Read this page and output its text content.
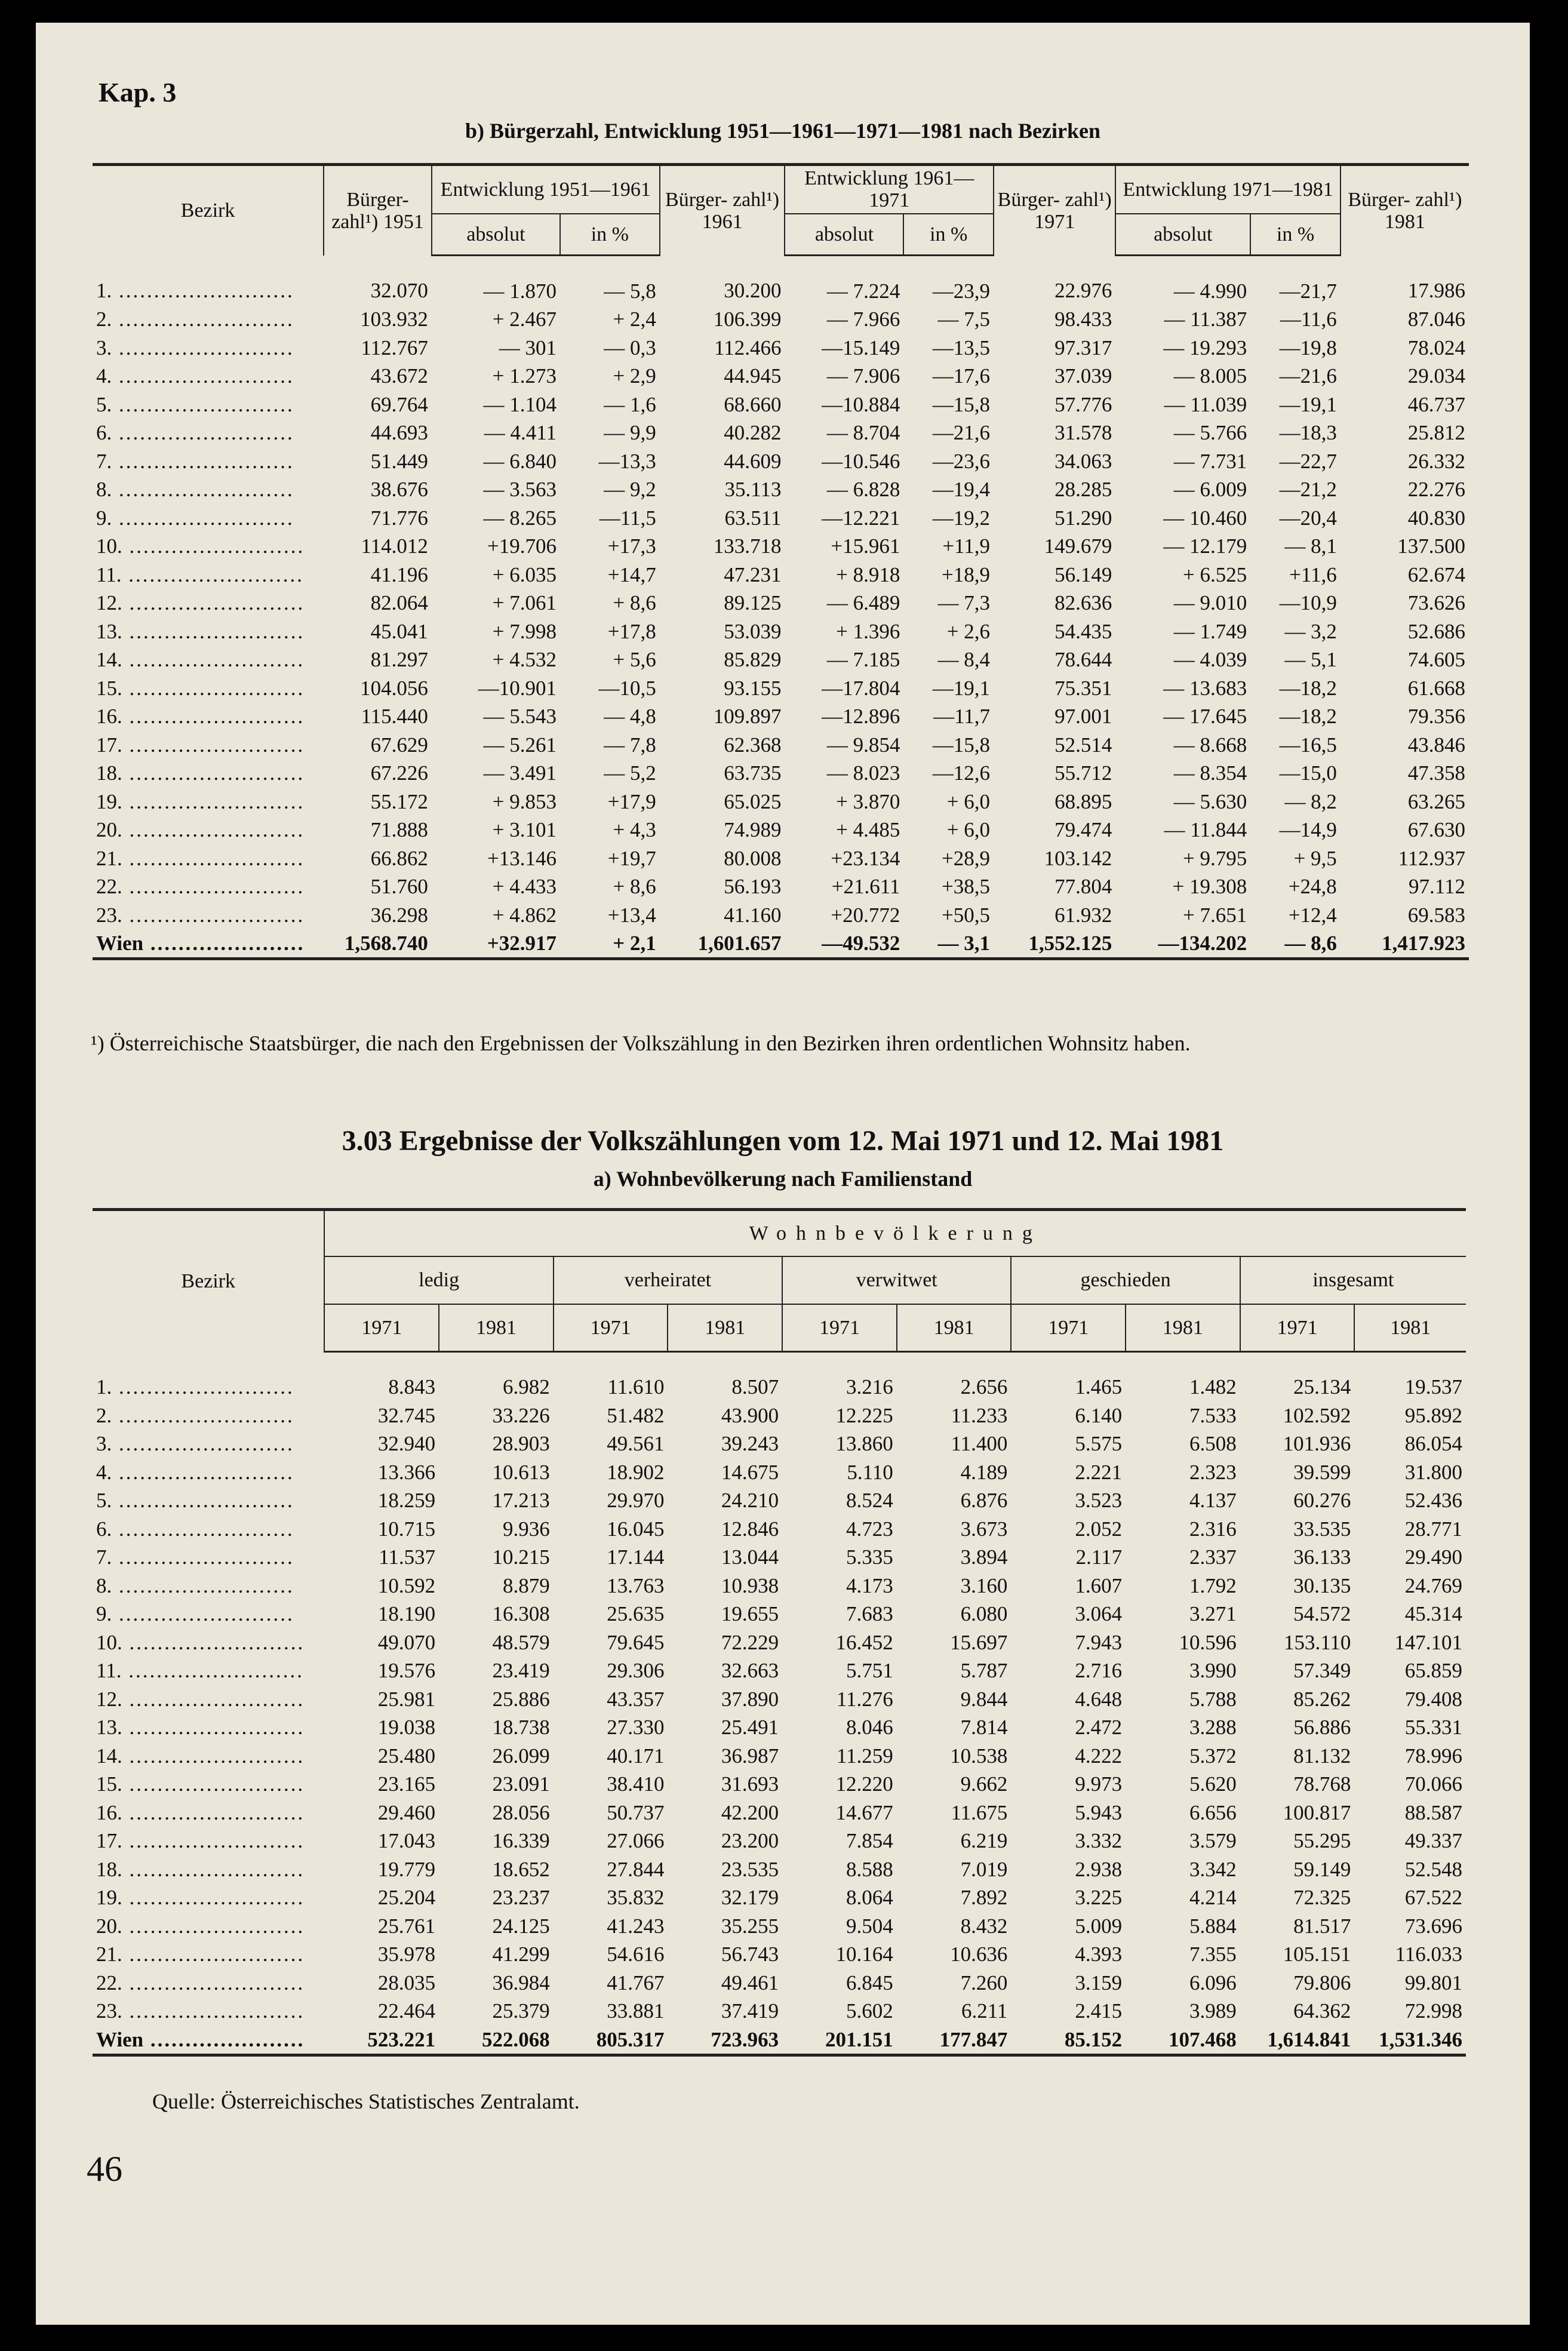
Kap. 3
b) Bürgerzahl, Entwicklung 1951—1961—1971—1981 nach Bezirken
Bezirk	Bürger- zahl¹) 1951	Entwicklung 1951—1961		Bürger- zahl¹) 1961	Entwicklung 1961—1971		Bürger- zahl¹) 1971	Entwicklung 1971—1981		Bürger- zahl¹) 1981
		absolut	in %		absolut	in %		absolut	in %	
1. .........................	32.070	— 1.870	— 5,8	30.200	— 7.224	—23,9	22.976	— 4.990	—21,7	17.986
2. .........................	103.932	+ 2.467	+ 2,4	106.399	— 7.966	— 7,5	98.433	— 11.387	—11,6	87.046
3. .........................	112.767	— 301	— 0,3	112.466	—15.149	—13,5	97.317	— 19.293	—19,8	78.024
4. .........................	43.672	+ 1.273	+ 2,9	44.945	— 7.906	—17,6	37.039	— 8.005	—21,6	29.034
5. .........................	69.764	— 1.104	— 1,6	68.660	—10.884	—15,8	57.776	— 11.039	—19,1	46.737
6. .........................	44.693	— 4.411	— 9,9	40.282	— 8.704	—21,6	31.578	— 5.766	—18,3	25.812
7. .........................	51.449	— 6.840	—13,3	44.609	—10.546	—23,6	34.063	— 7.731	—22,7	26.332
8. .........................	38.676	— 3.563	— 9,2	35.113	— 6.828	—19,4	28.285	— 6.009	—21,2	22.276
9. .........................	71.776	— 8.265	—11,5	63.511	—12.221	—19,2	51.290	— 10.460	—20,4	40.830
10. .........................	114.012	+19.706	+17,3	133.718	+15.961	+11,9	149.679	— 12.179	— 8,1	137.500
11. .........................	41.196	+ 6.035	+14,7	47.231	+ 8.918	+18,9	56.149	+ 6.525	+11,6	62.674
12. .........................	82.064	+ 7.061	+ 8,6	89.125	— 6.489	— 7,3	82.636	— 9.010	—10,9	73.626
13. .........................	45.041	+ 7.998	+17,8	53.039	+ 1.396	+ 2,6	54.435	— 1.749	— 3,2	52.686
14. .........................	81.297	+ 4.532	+ 5,6	85.829	— 7.185	— 8,4	78.644	— 4.039	— 5,1	74.605
15. .........................	104.056	—10.901	—10,5	93.155	—17.804	—19,1	75.351	— 13.683	—18,2	61.668
16. .........................	115.440	— 5.543	— 4,8	109.897	—12.896	—11,7	97.001	— 17.645	—18,2	79.356
17. .........................	67.629	— 5.261	— 7,8	62.368	— 9.854	—15,8	52.514	— 8.668	—16,5	43.846
18. .........................	67.226	— 3.491	— 5,2	63.735	— 8.023	—12,6	55.712	— 8.354	—15,0	47.358
19. .........................	55.172	+ 9.853	+17,9	65.025	+ 3.870	+ 6,0	68.895	— 5.630	— 8,2	63.265
20. .........................	71.888	+ 3.101	+ 4,3	74.989	+ 4.485	+ 6,0	79.474	— 11.844	—14,9	67.630
21. .........................	66.862	+13.146	+19,7	80.008	+23.134	+28,9	103.142	+ 9.795	+ 9,5	112.937
22. .........................	51.760	+ 4.433	+ 8,6	56.193	+21.611	+38,5	77.804	+ 19.308	+24,8	97.112
23. .........................	36.298	+ 4.862	+13,4	41.160	+20.772	+50,5	61.932	+ 7.651	+12,4	69.583
Wien ......................	1,568.740	+32.917	+ 2,1	1,601.657	—49.532	— 3,1	1,552.125	—134.202	— 8,6	1,417.923
¹) Österreichische Staatsbürger, die nach den Ergebnissen der Volkszählung in den Bezirken ihren ordentlichen Wohnsitz haben.
3.03 Ergebnisse der Volkszählungen vom 12. Mai 1971 und 12. Mai 1981
a) Wohnbevölkerung nach Familienstand
Bezirk	Wohnbevölkerung									
	ledig		verheiratet		verwitwet		geschieden		insgesamt	
	1971	1981	1971	1981	1971	1981	1971	1981	1971	1981
1. .........................	8.843	6.982	11.610	8.507	3.216	2.656	1.465	1.482	25.134	19.537
2. .........................	32.745	33.226	51.482	43.900	12.225	11.233	6.140	7.533	102.592	95.892
3. .........................	32.940	28.903	49.561	39.243	13.860	11.400	5.575	6.508	101.936	86.054
4. .........................	13.366	10.613	18.902	14.675	5.110	4.189	2.221	2.323	39.599	31.800
5. .........................	18.259	17.213	29.970	24.210	8.524	6.876	3.523	4.137	60.276	52.436
6. .........................	10.715	9.936	16.045	12.846	4.723	3.673	2.052	2.316	33.535	28.771
7. .........................	11.537	10.215	17.144	13.044	5.335	3.894	2.117	2.337	36.133	29.490
8. .........................	10.592	8.879	13.763	10.938	4.173	3.160	1.607	1.792	30.135	24.769
9. .........................	18.190	16.308	25.635	19.655	7.683	6.080	3.064	3.271	54.572	45.314
10. .........................	49.070	48.579	79.645	72.229	16.452	15.697	7.943	10.596	153.110	147.101
11. .........................	19.576	23.419	29.306	32.663	5.751	5.787	2.716	3.990	57.349	65.859
12. .........................	25.981	25.886	43.357	37.890	11.276	9.844	4.648	5.788	85.262	79.408
13. .........................	19.038	18.738	27.330	25.491	8.046	7.814	2.472	3.288	56.886	55.331
14. .........................	25.480	26.099	40.171	36.987	11.259	10.538	4.222	5.372	81.132	78.996
15. .........................	23.165	23.091	38.410	31.693	12.220	9.662	9.973	5.620	78.768	70.066
16. .........................	29.460	28.056	50.737	42.200	14.677	11.675	5.943	6.656	100.817	88.587
17. .........................	17.043	16.339	27.066	23.200	7.854	6.219	3.332	3.579	55.295	49.337
18. .........................	19.779	18.652	27.844	23.535	8.588	7.019	2.938	3.342	59.149	52.548
19. .........................	25.204	23.237	35.832	32.179	8.064	7.892	3.225	4.214	72.325	67.522
20. .........................	25.761	24.125	41.243	35.255	9.504	8.432	5.009	5.884	81.517	73.696
21. .........................	35.978	41.299	54.616	56.743	10.164	10.636	4.393	7.355	105.151	116.033
22. .........................	28.035	36.984	41.767	49.461	6.845	7.260	3.159	6.096	79.806	99.801
23. .........................	22.464	25.379	33.881	37.419	5.602	6.211	2.415	3.989	64.362	72.998
Wien ......................	523.221	522.068	805.317	723.963	201.151	177.847	85.152	107.468	1,614.841	1,531.346
Quelle: Österreichisches Statistisches Zentralamt.
46
